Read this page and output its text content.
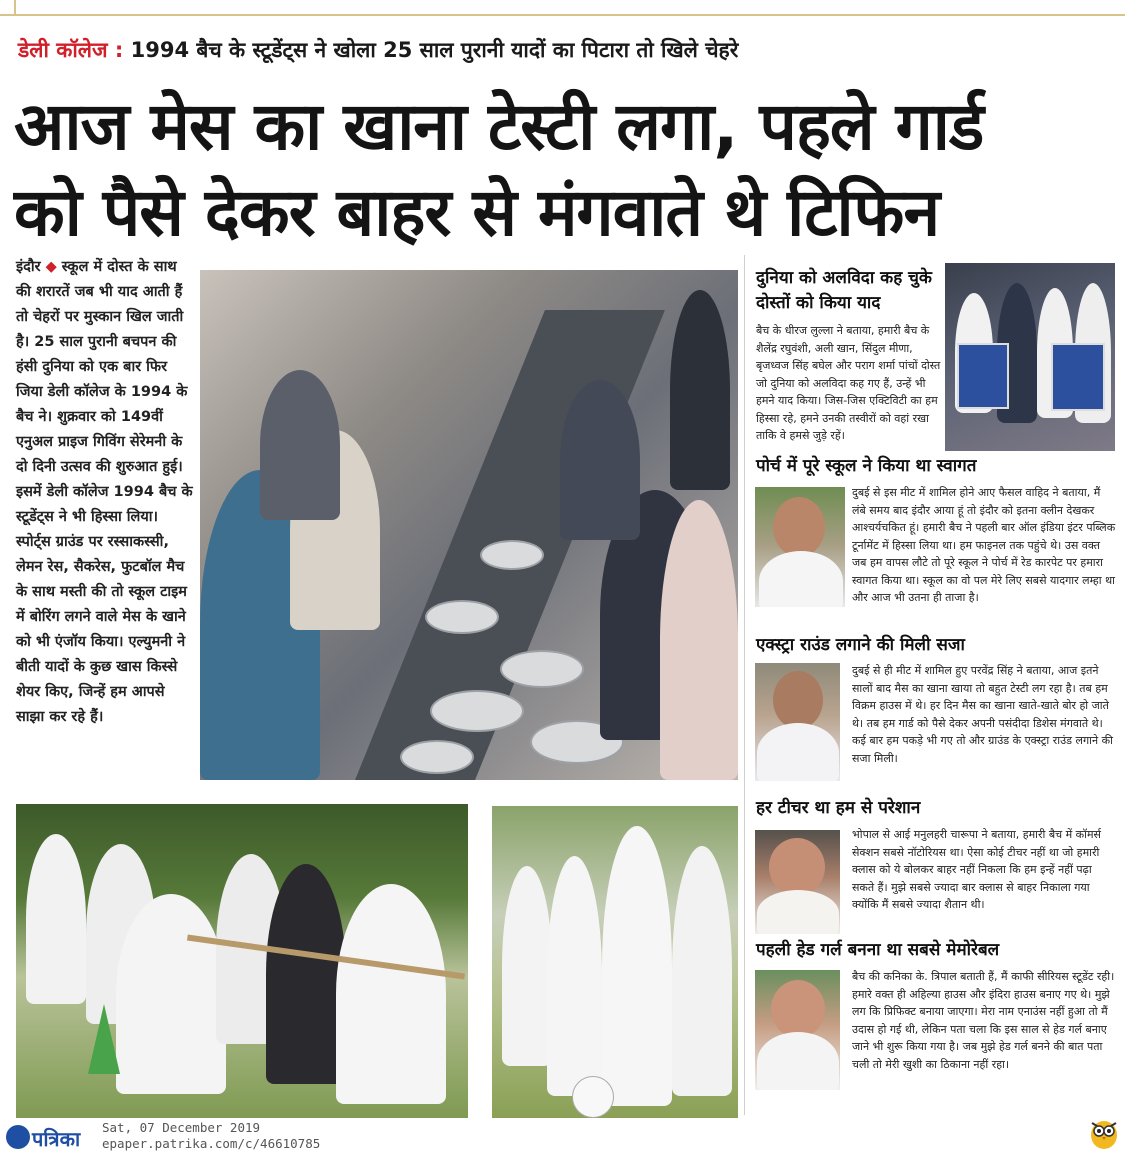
डेली कॉलेज : 1994 बैच के स्टूडेंट्स ने खोला 25 साल पुरानी यादों का पिटारा तो खिले चेहरे
आज मेस का खाना टेस्टी लगा, पहले गार्ड
को पैसे देकर बाहर से मंगवाते थे टिफिन
इंदौर ◆ स्कूल में दोस्त के साथ की शरारतें जब भी याद आती हैं तो चेहरों पर मुस्कान खिल जाती है। 25 साल पुरानी बचपन की हंसी दुनिया को एक बार फिर जिया डेली कॉलेज के 1994 के बैच ने। शुक्रवार को 149वीं एनुअल प्राइज गिविंग सेरेमनी के दो दिनी उत्सव की शुरुआत हुई। इसमें डेली कॉलेज 1994 बैच के स्टूडेंट्स ने भी हिस्सा लिया। स्पोर्ट्स ग्राउंड पर रस्साकस्सी, लेमन रेस, सैकरेस, फुटबॉल मैच के साथ मस्ती की तो स्कूल टाइम में बोरिंग लगने वाले मेस के खाने को भी एंजॉय किया। एल्युमनी ने बीती यादों के कुछ खास किस्से शेयर किए, जिन्हें हम आपसे साझा कर रहे हैं।
दुनिया को अलविदा कह चुके दोस्तों को किया याद
बैच के धीरज लुल्ला ने बताया, हमारी बैच के शैलेंद्र रघुवंशी, अली खान, सिंदुल मीणा, बृजध्वज सिंह बघेल और पराग शर्मा पांचों दोस्त जो दुनिया को अलविदा कह गए हैं, उन्हें भी हमने याद किया। जिस-जिस एक्टिविटी का हम हिस्सा रहे, हमने उनकी तस्वीरों को वहां रखा ताकि वे हमसे जुड़े रहें।
पोर्च में पूरे स्कूल ने किया था स्वागत
दुबई से इस मीट में शामिल होने आए फैसल वाहिद ने बताया, मैं लंबे समय बाद इंदौर आया हूं तो इंदौर को इतना क्लीन देखकर आश्चर्यचकित हूं। हमारी बैच ने पहली बार ऑल इंडिया इंटर पब्लिक टूर्नामेंट में हिस्सा लिया था। हम फाइनल तक पहुंचे थे। उस वक्त जब हम वापस लौटे तो पूरे स्कूल ने पोर्च में रेड कारपेट पर हमारा स्वागत किया था। स्कूल का वो पल मेरे लिए सबसे यादगार लम्हा था और आज भी उतना ही ताजा है।
एक्स्ट्रा राउंड लगाने की मिली सजा
दुबई से ही मीट में शामिल हुए परवेंद्र सिंह ने बताया, आज इतने सालों बाद मैस का खाना खाया तो बहुत टेस्टी लग रहा है। तब हम विक्रम हाउस में थे। हर दिन मैस का खाना खाते-खाते बोर हो जाते थे। तब हम गार्ड को पैसे देकर अपनी पसंदीदा डिशेस मंगवाते थे। कई बार हम पकड़े भी गए तो और ग्राउंड के एक्स्ट्रा राउंड लगाने की सजा मिली।
हर टीचर था हम से परेशान
भोपाल से आई मनुलहरी चारूपा ने बताया, हमारी बैच में कॉमर्स सेक्शन सबसे नॉटोरियस था। ऐसा कोई टीचर नहीं था जो हमारी क्लास को ये बोलकर बाहर नहीं निकला कि हम इन्हें नहीं पढ़ा सकते हैं। मुझे सबसे ज्यादा बार क्लास से बाहर निकाला गया क्योंकि मैं सबसे ज्यादा शैतान थी।
पहली हेड गर्ल बनना था सबसे मेमोरेबल
बैच की कनिका के. त्रिपाल बताती हैं, मैं काफी सीरियस स्टूडेंट रही। हमारे वक्त ही अहिल्या हाउस और इंदिरा हाउस बनाए गए थे। मुझे लग कि प्रिफिक्ट बनाया जाएगा। मेरा नाम एनाउंस नहीं हुआ तो मैं उदास हो गई थी, लेकिन पता चला कि इस साल से हेड गर्ल बनाए जाने भी शुरू किया गया है। जब मुझे हेड गर्ल बनने की बात पता चली तो मेरी खुशी का ठिकाना नहीं रहा।
पत्रिका Sat, 07 December 2019
epaper.patrika.com/c/46610785
